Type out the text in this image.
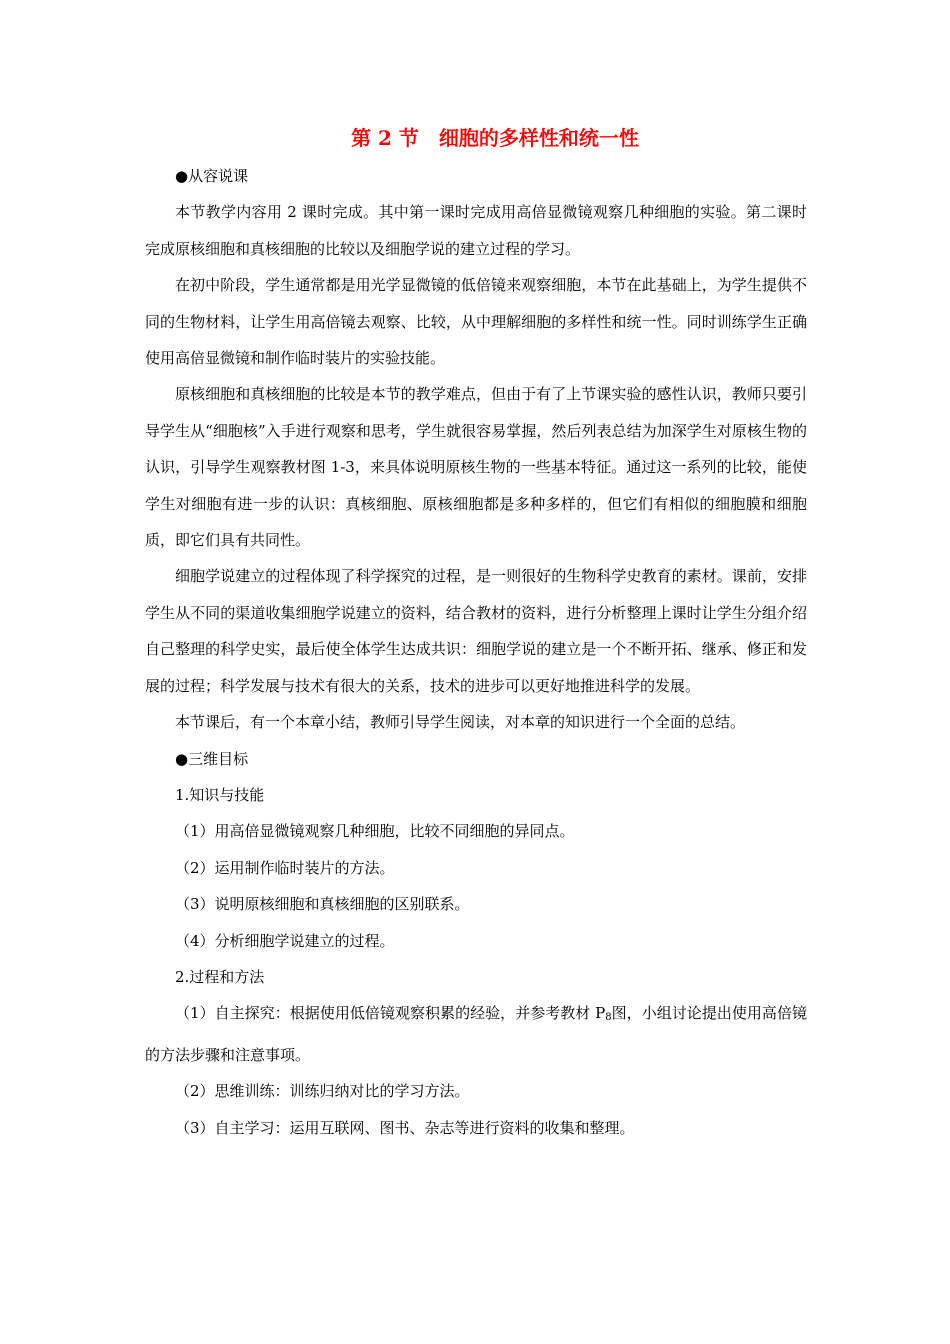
第 2 节　细胞的多样性和统一性

●从容说课

本节教学内容用 2 课时完成。其中第一课时完成用高倍显微镜观察几种细胞的实验。第二课时完成原核细胞和真核细胞的比较以及细胞学说的建立过程的学习。

在初中阶段，学生通常都是用光学显微镜的低倍镜来观察细胞，本节在此基础上，为学生提供不同的生物材料，让学生用高倍镜去观察、比较，从中理解细胞的多样性和统一性。同时训练学生正确使用高倍显微镜和制作临时装片的实验技能。

原核细胞和真核细胞的比较是本节的教学难点，但由于有了上节课实验的感性认识，教师只要引导学生从“细胞核”入手进行观察和思考，学生就很容易掌握，然后列表总结为加深学生对原核生物的认识，引导学生观察教材图 1-3，来具体说明原核生物的一些基本特征。通过这一系列的比较，能使学生对细胞有进一步的认识：真核细胞、原核细胞都是多种多样的，但它们有相似的细胞膜和细胞质，即它们具有共同性。

细胞学说建立的过程体现了科学探究的过程，是一则很好的生物科学史教育的素材。课前，安排学生从不同的渠道收集细胞学说建立的资料，结合教材的资料，进行分析整理上课时让学生分组介绍自己整理的科学史实，最后使全体学生达成共识：细胞学说的建立是一个不断开拓、继承、修正和发展的过程；科学发展与技术有很大的关系，技术的进步可以更好地推进科学的发展。

本节课后，有一个本章小结，教师引导学生阅读，对本章的知识进行一个全面的总结。

●三维目标

1.知识与技能

（1）用高倍显微镜观察几种细胞，比较不同细胞的异同点。

（2）运用制作临时装片的方法。

（3）说明原核细胞和真核细胞的区别联系。

（4）分析细胞学说建立的过程。

2.过程和方法

（1）自主探究：根据使用低倍镜观察积累的经验，并参考教材 $P_8$图，小组讨论提出使用高倍镜的方法步骤和注意事项。

（2）思维训练：训练归纳对比的学习方法。

（3）自主学习：运用互联网、图书、杂志等进行资料的收集和整理。
